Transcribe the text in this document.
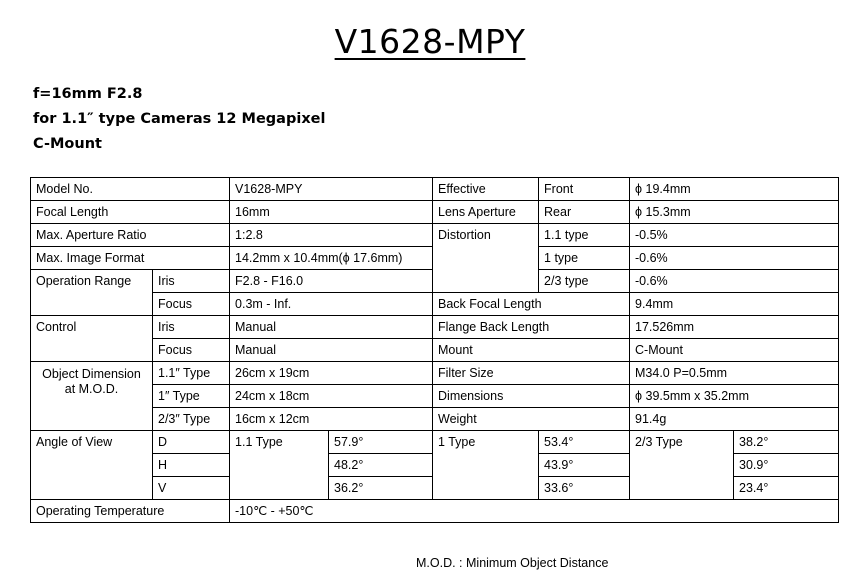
V1628-MPY
f=16mm F2.8
for 1.1″ type Cameras 12 Megapixel
C-Mount
Model No.		V1628-MPY		Effective	Front	ϕ 19.4mm	
Focal Length		16mm		Lens Aperture	Rear	ϕ 15.3mm	
Max. Aperture Ratio		1:2.8		Distortion	1.1 type	-0.5%	
Max. Image Format		14.2mm x 10.4mm(ϕ 17.6mm)			1 type	-0.6%	
Operation Range	Iris	F2.8 - F16.0			2/3 type	-0.6%	
	Focus	0.3m - Inf.		Back Focal Length		9.4mm	
Control	Iris	Manual		Flange Back Length		17.526mm	
	Focus	Manual		Mount		C-Mount	
Object Dimension
at M.O.D.	1.1″ Type	26cm x 19cm		Filter Size		M34.0 P=0.5mm	
	1″ Type	24cm x 18cm		Dimensions		ϕ 39.5mm x 35.2mm	
	2/3″ Type	16cm x 12cm		Weight		91.4g	
Angle of View	D	1.1 Type	57.9°	1 Type	53.4°	2/3 Type	38.2°
	H		48.2°		43.9°		30.9°
	V		36.2°		33.6°		23.4°
Operating Temperature		-10℃ - +50℃					
M.O.D. : Minimum Object Distance
